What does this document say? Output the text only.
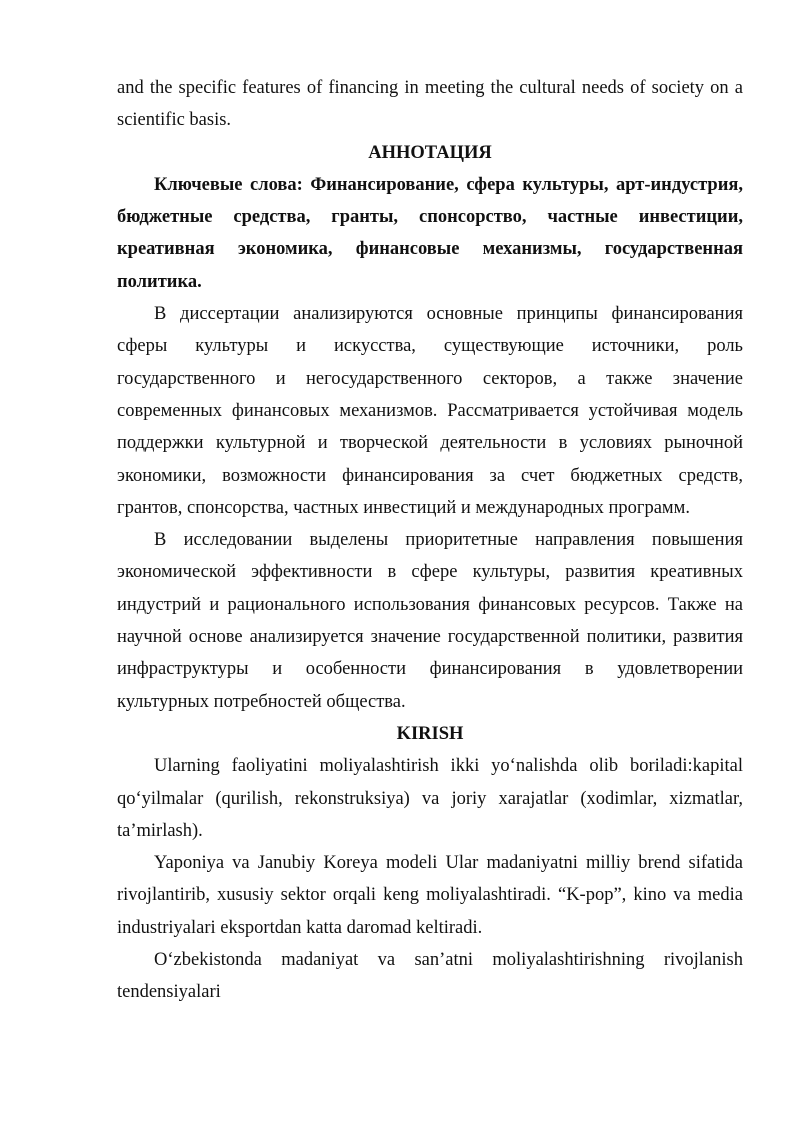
and the specific features of financing in meeting the cultural needs of society on a scientific basis.

АННОТАЦИЯ

Ключевые слова: Финансирование, сфера культуры, арт-индустрия, бюджетные средства, гранты, спонсорство, частные инвестиции, креативная экономика, финансовые механизмы, государственная политика.

В диссертации анализируются основные принципы финансирования сферы культуры и искусства, существующие источники, роль государственного и негосударственного секторов, а также значение современных финансовых механизмов. Рассматривается устойчивая модель поддержки культурной и творческой деятельности в условиях рыночной экономики, возможности финансирования за счет бюджетных средств, грантов, спонсорства, частных инвестиций и международных программ.

В исследовании выделены приоритетные направления повышения экономической эффективности в сфере культуры, развития креативных индустрий и рационального использования финансовых ресурсов. Также на научной основе анализируется значение государственной политики, развития инфраструктуры и особенности финансирования в удовлетворении культурных потребностей общества.

KIRISH

Ularning faoliyatini moliyalashtirish ikki yo‘nalishda olib boriladi:kapital qo‘yilmalar (qurilish, rekonstruksiya) va joriy xarajatlar (xodimlar, xizmatlar, ta’mirlash).

Yaponiya va Janubiy Koreya modeli Ular madaniyatni milliy brend sifatida rivojlantirib, xususiy sektor orqali keng moliyalashtiradi. “K-pop”, kino va media industriyalari eksportdan katta daromad keltiradi.

O‘zbekistonda madaniyat va san’atni moliyalashtirishning rivojlanish tendensiyalari
